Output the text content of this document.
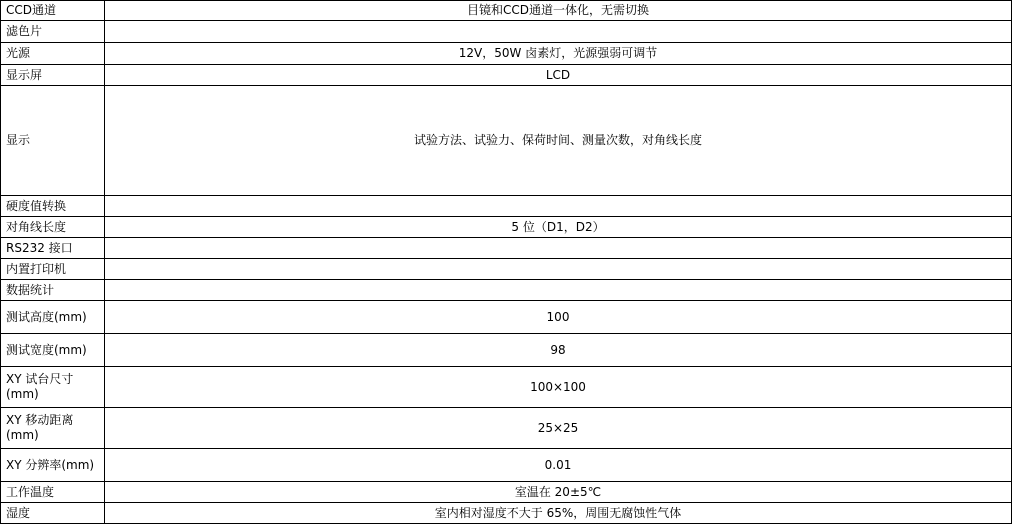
CCD通道	目镜和CCD通道一体化，无需切换
滤色片	
光源	12V，50W 卤素灯，光源强弱可调节
显示屏	LCD
显示	试验方法、试验力、保荷时间、测量次数，对角线长度
硬度值转换	
对角线长度	5 位（D1，D2）
RS232 接口	
内置打印机	
数据统计	
测试高度(mm)	100
测试宽度(mm)	98
XY 试台尺寸(mm)	100×100
XY 移动距离(mm)	25×25
XY 分辨率(mm)	0.01
工作温度	室温在 20±5℃
湿度	室内相对湿度不大于 65%，周围无腐蚀性气体
